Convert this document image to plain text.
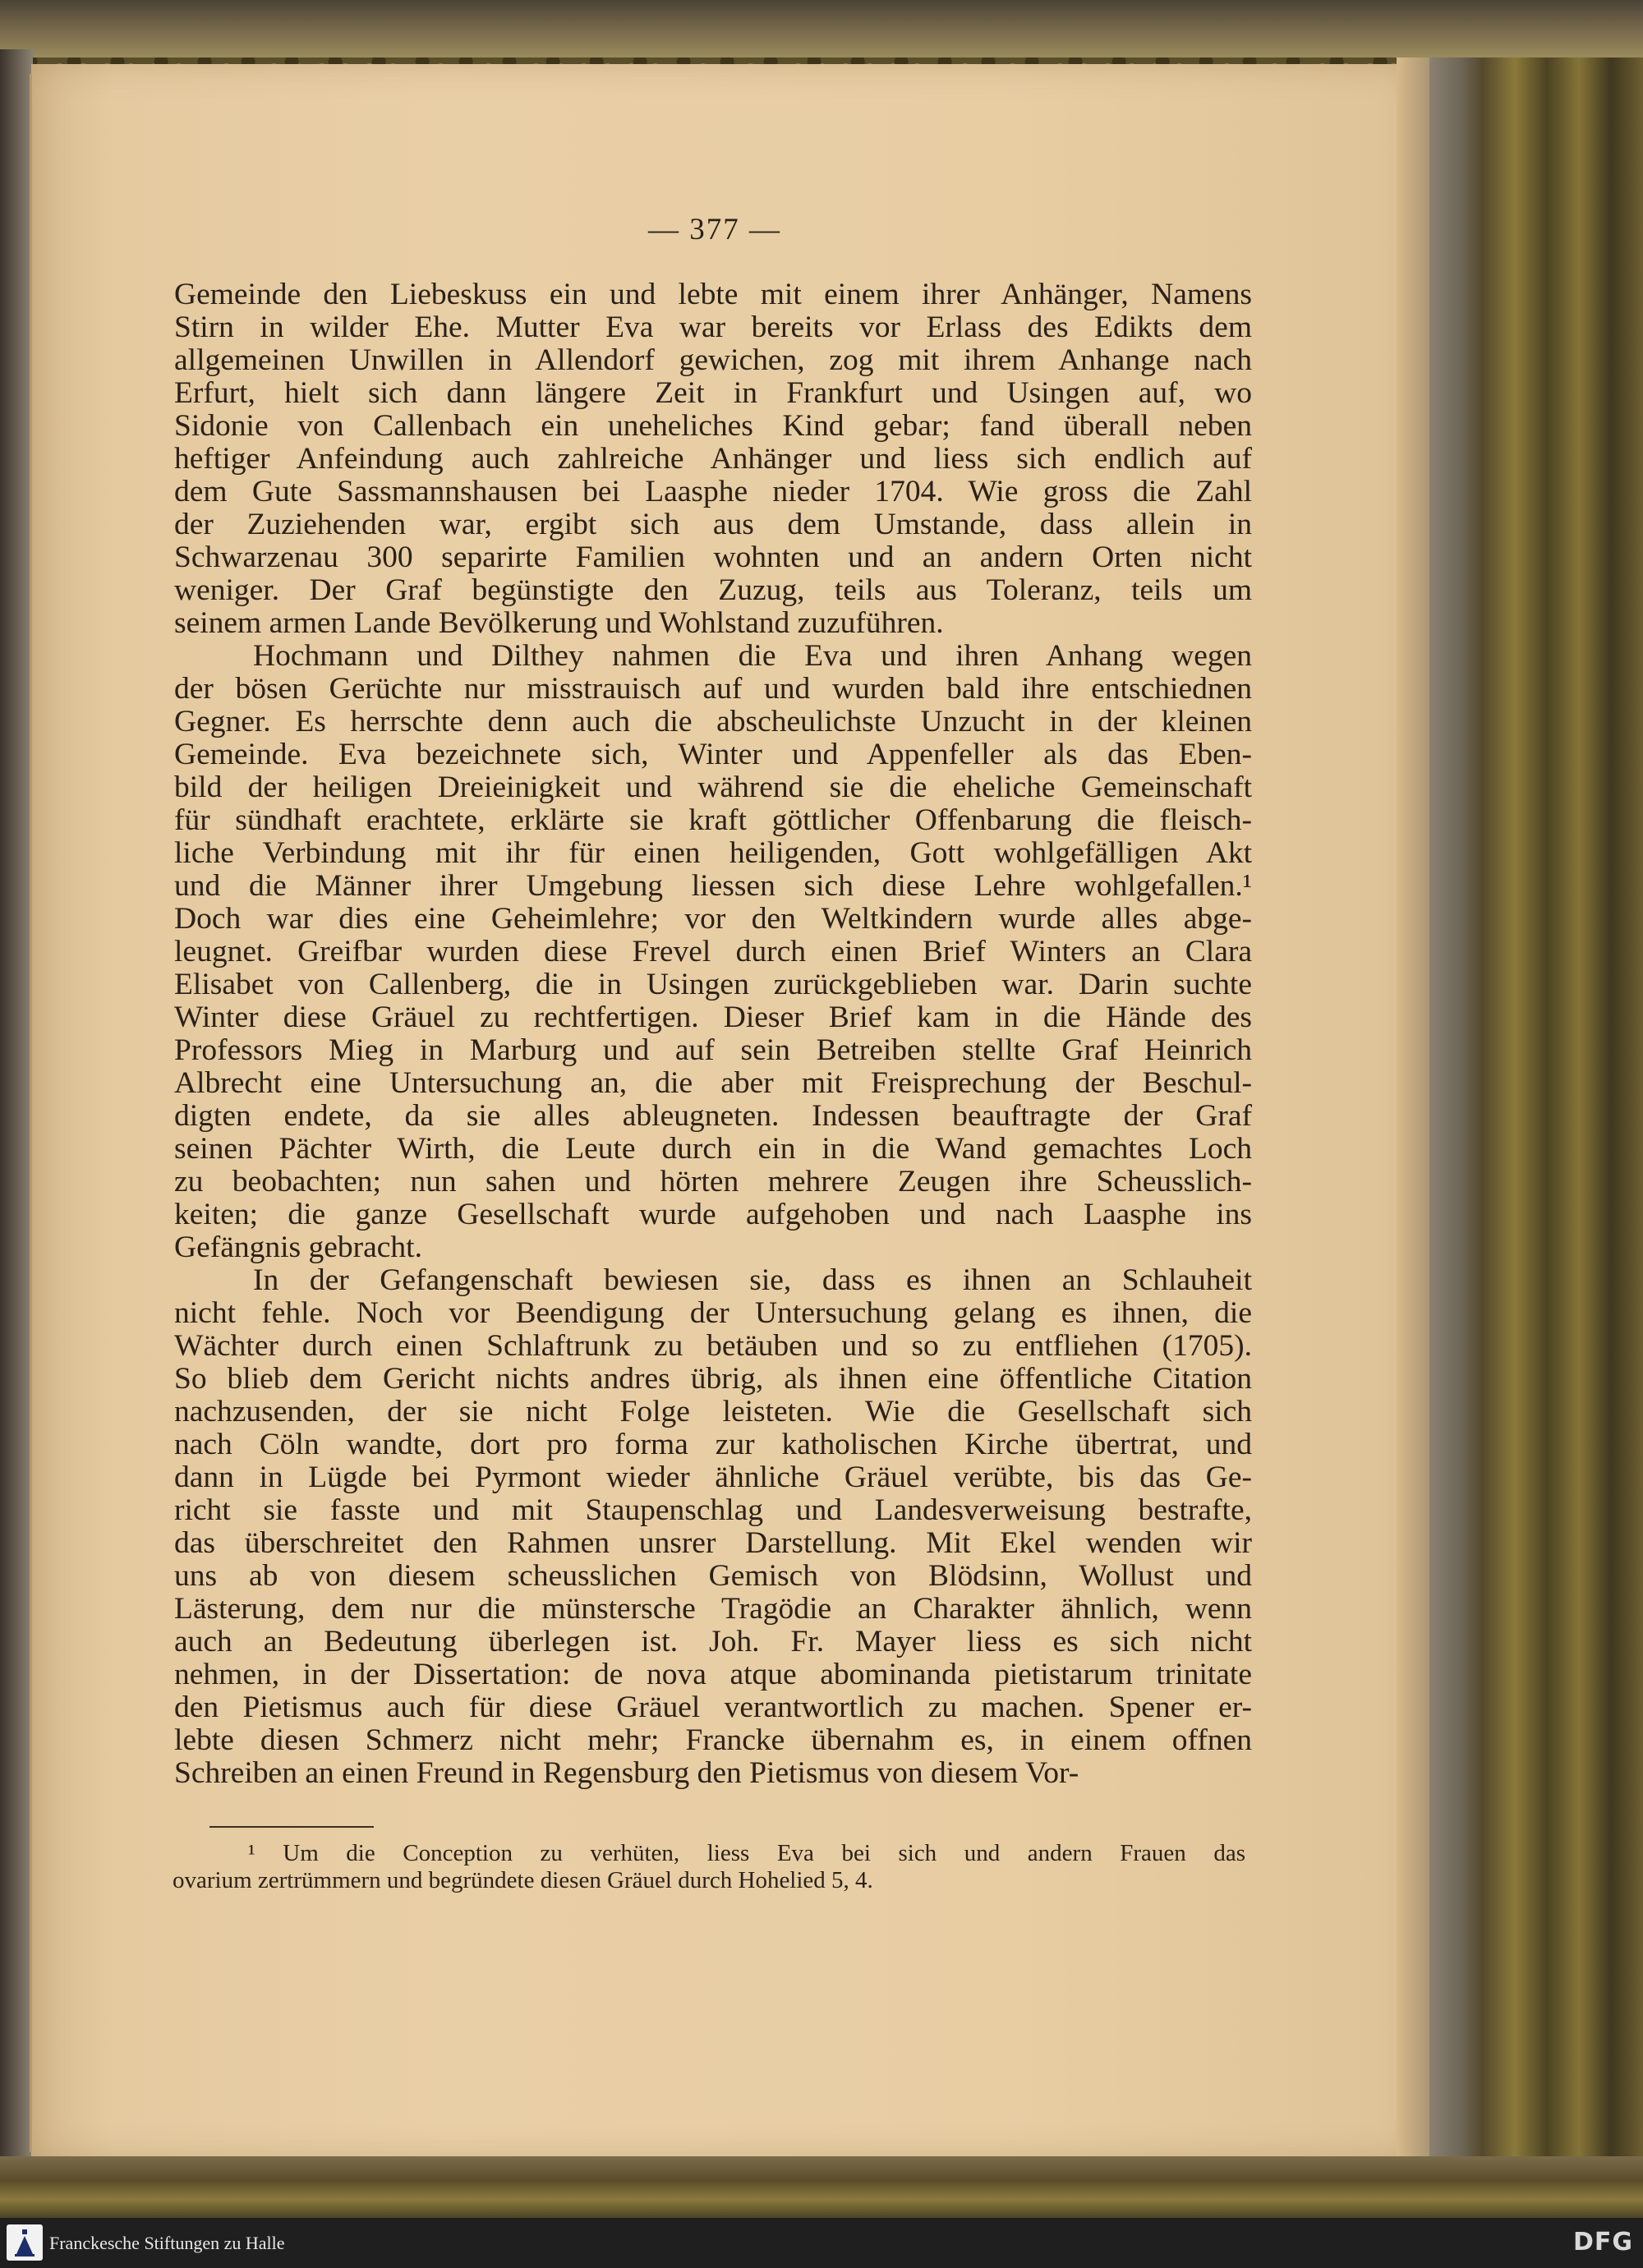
— 377 —
Gemeinde den Liebeskuss ein und lebte mit einem ihrer Anhänger, Namens
Stirn in wilder Ehe. Mutter Eva war bereits vor Erlass des Edikts dem
allgemeinen Unwillen in Allendorf gewichen, zog mit ihrem Anhange nach
Erfurt, hielt sich dann längere Zeit in Frankfurt und Usingen auf, wo
Sidonie von Callenbach ein uneheliches Kind gebar; fand überall neben
heftiger Anfeindung auch zahlreiche Anhänger und liess sich endlich auf
dem Gute Sassmannshausen bei Laasphe nieder 1704. Wie gross die Zahl
der Zuziehenden war, ergibt sich aus dem Umstande, dass allein in
Schwarzenau 300 separirte Familien wohnten und an andern Orten nicht
weniger. Der Graf begünstigte den Zuzug, teils aus Toleranz, teils um
seinem armen Lande Bevölkerung und Wohlstand zuzuführen.
Hochmann und Dilthey nahmen die Eva und ihren Anhang wegen
der bösen Gerüchte nur misstrauisch auf und wurden bald ihre entschiednen
Gegner. Es herrschte denn auch die abscheulichste Unzucht in der kleinen
Gemeinde. Eva bezeichnete sich, Winter und Appenfeller als das Eben-
bild der heiligen Dreieinigkeit und während sie die eheliche Gemeinschaft
für sündhaft erachtete, erklärte sie kraft göttlicher Offenbarung die fleisch-
liche Verbindung mit ihr für einen heiligenden, Gott wohlgefälligen Akt
und die Männer ihrer Umgebung liessen sich diese Lehre wohlgefallen.¹
Doch war dies eine Geheimlehre; vor den Weltkindern wurde alles abge-
leugnet. Greifbar wurden diese Frevel durch einen Brief Winters an Clara
Elisabet von Callenberg, die in Usingen zurückgeblieben war. Darin suchte
Winter diese Gräuel zu rechtfertigen. Dieser Brief kam in die Hände des
Professors Mieg in Marburg und auf sein Betreiben stellte Graf Heinrich
Albrecht eine Untersuchung an, die aber mit Freisprechung der Beschul-
digten endete, da sie alles ableugneten. Indessen beauftragte der Graf
seinen Pächter Wirth, die Leute durch ein in die Wand gemachtes Loch
zu beobachten; nun sahen und hörten mehrere Zeugen ihre Scheusslich-
keiten; die ganze Gesellschaft wurde aufgehoben und nach Laasphe ins
Gefängnis gebracht.
In der Gefangenschaft bewiesen sie, dass es ihnen an Schlauheit
nicht fehle. Noch vor Beendigung der Untersuchung gelang es ihnen, die
Wächter durch einen Schlaftrunk zu betäuben und so zu entfliehen (1705).
So blieb dem Gericht nichts andres übrig, als ihnen eine öffentliche Citation
nachzusenden, der sie nicht Folge leisteten. Wie die Gesellschaft sich
nach Cöln wandte, dort pro forma zur katholischen Kirche übertrat, und
dann in Lügde bei Pyrmont wieder ähnliche Gräuel verübte, bis das Ge-
richt sie fasste und mit Staupenschlag und Landesverweisung bestrafte,
das überschreitet den Rahmen unsrer Darstellung. Mit Ekel wenden wir
uns ab von diesem scheusslichen Gemisch von Blödsinn, Wollust und
Lästerung, dem nur die münstersche Tragödie an Charakter ähnlich, wenn
auch an Bedeutung überlegen ist. Joh. Fr. Mayer liess es sich nicht
nehmen, in der Dissertation: de nova atque abominanda pietistarum trinitate
den Pietismus auch für diese Gräuel verantwortlich zu machen. Spener er-
lebte diesen Schmerz nicht mehr; Francke übernahm es, in einem offnen
Schreiben an einen Freund in Regensburg den Pietismus von diesem Vor-
¹ Um die Conception zu verhüten, liess Eva bei sich und andern Frauen das
ovarium zertrümmern und begründete diesen Gräuel durch Hohelied 5, 4.
Franckesche Stiftungen zu Halle	DFG
